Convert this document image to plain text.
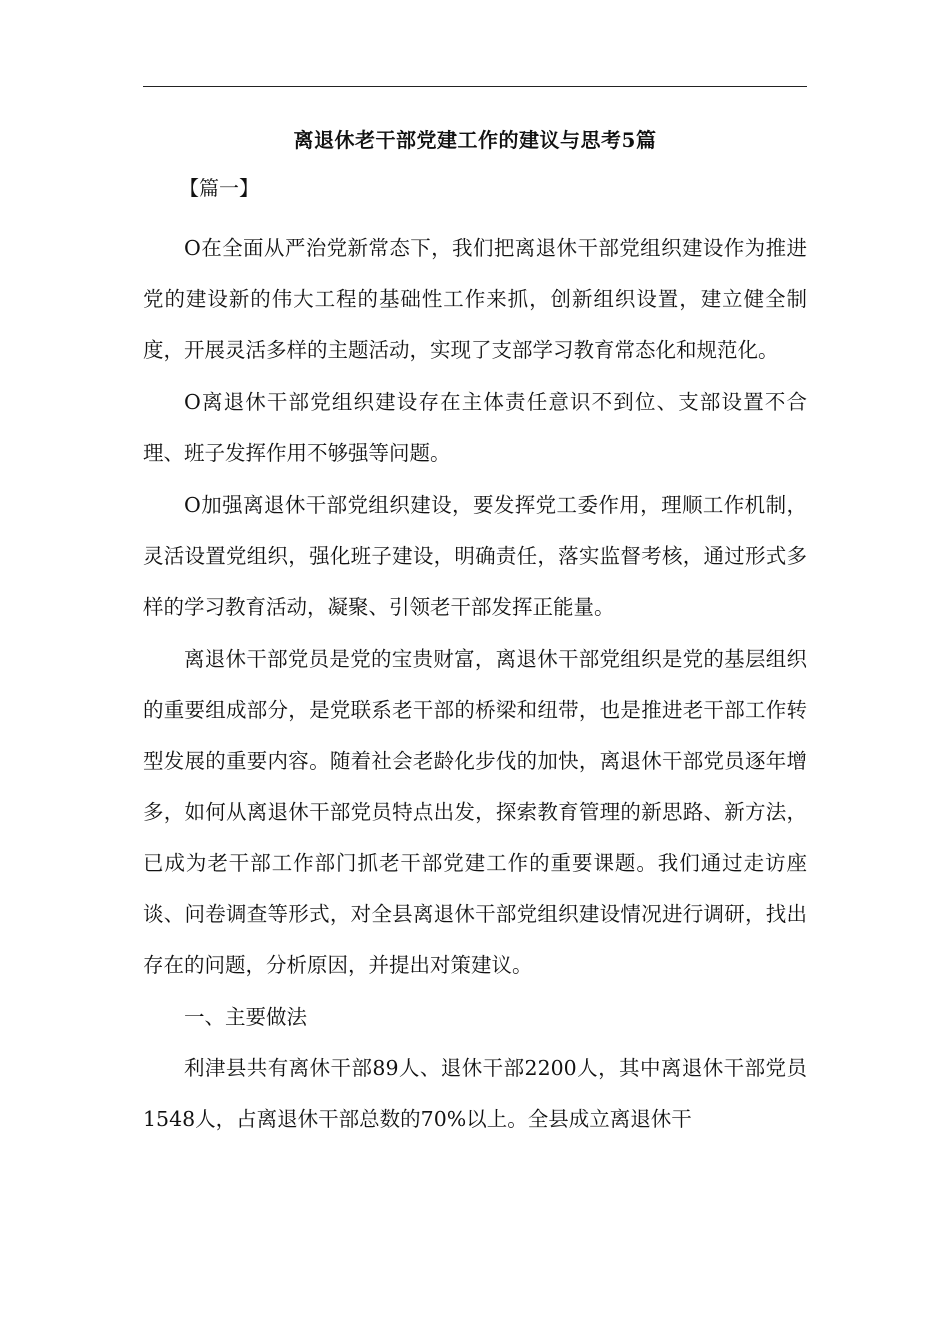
离退休老干部党建工作的建议与思考5篇
【篇一】

O在全面从严治党新常态下，我们把离退休干部党组织建设作为推进党的建设新的伟大工程的基础性工作来抓，创新组织设置，建立健全制度，开展灵活多样的主题活动，实现了支部学习教育常态化和规范化。

O离退休干部党组织建设存在主体责任意识不到位、支部设置不合理、班子发挥作用不够强等问题。

O加强离退休干部党组织建设，要发挥党工委作用，理顺工作机制，灵活设置党组织，强化班子建设，明确责任，落实监督考核，通过形式多样的学习教育活动，凝聚、引领老干部发挥正能量。

离退休干部党员是党的宝贵财富，离退休干部党组织是党的基层组织的重要组成部分，是党联系老干部的桥梁和纽带，也是推进老干部工作转型发展的重要内容。随着社会老龄化步伐的加快，离退休干部党员逐年增多，如何从离退休干部党员特点出发，探索教育管理的新思路、新方法，已成为老干部工作部门抓老干部党建工作的重要课题。我们通过走访座谈、问卷调查等形式，对全县离退休干部党组织建设情况进行调研，找出存在的问题，分析原因，并提出对策建议。

一、主要做法

利津县共有离休干部89人、退休干部2200人，其中离退休干部党员1548人，占离退休干部总数的70%以上。全县成立离退休干
